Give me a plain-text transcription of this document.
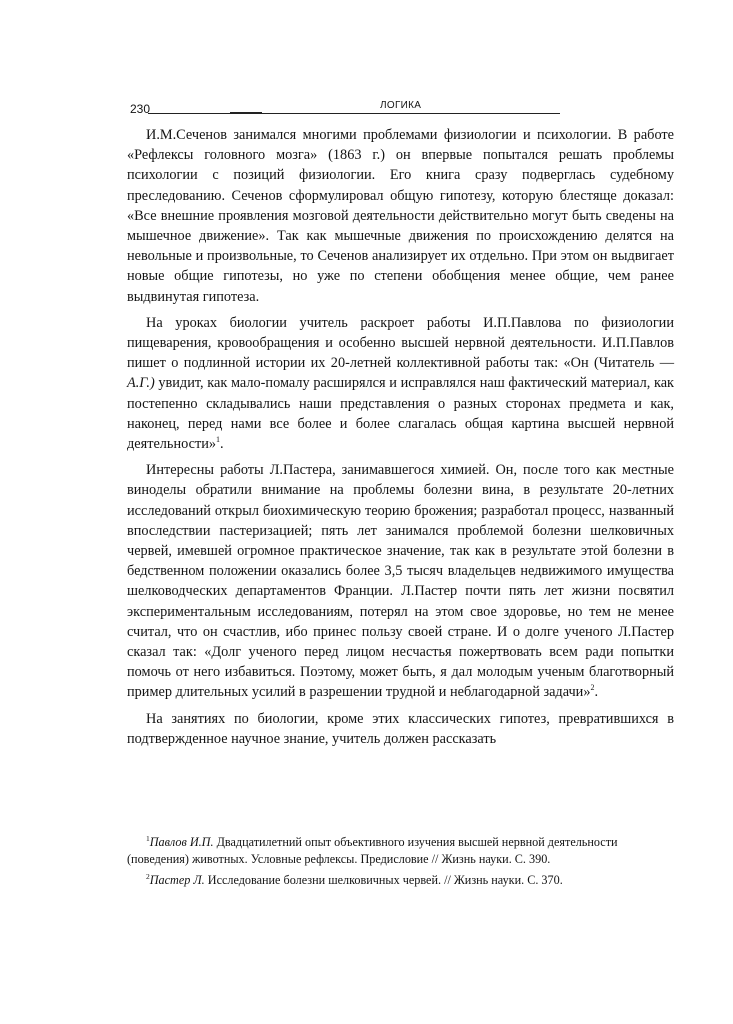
230	ЛОГИКА

И.М.Сеченов занимался многими проблемами физиологии и психологии. В работе «Рефлексы головного мозга» (1863 г.) он впервые попытался решать проблемы психологии с позиций физиологии. Его книга сразу подверглась судебному преследованию. Сеченов сформулировал общую гипотезу, которую блестяще доказал: «Все внешние проявления мозговой деятельности действительно могут быть сведены на мышечное движение». Так как мышечные движения по происхождению делятся на невольные и произвольные, то Сеченов анализирует их отдельно. При этом он выдвигает новые общие гипотезы, но уже по степени обобщения менее общие, чем ранее выдвинутая гипотеза.

На уроках биологии учитель раскроет работы И.П.Павлова по физиологии пищеварения, кровообращения и особенно высшей нервной деятельности. И.П.Павлов пишет о подлинной истории их 20-летней коллективной работы так: «Он (Читатель — А.Г.) увидит, как мало-помалу расширялся и исправлялся наш фактический материал, как постепенно складывались наши представления о разных сторонах предмета и как, наконец, перед нами все более и более слагалась общая картина высшей нервной деятельности»$^1$.

Интересны работы Л.Пастера, занимавшегося химией. Он, после того как местные виноделы обратили внимание на проблемы болезни вина, в результате 20-летних исследований открыл биохимическую теорию брожения; разработал процесс, названный впоследствии пастеризацией; пять лет занимался проблемой болезни шелковичных червей, имевшей огромное практическое значение, так как в результате этой болезни в бедственном положении оказались более 3,5 тысяч владельцев недвижимого имущества шелководческих департаментов Франции. Л.Пастер почти пять лет жизни посвятил экспериментальным исследованиям, потерял на этом свое здоровье, но тем не менее считал, что он счастлив, ибо принес пользу своей стране. И о долге ученого Л.Пастер сказал так: «Долг ученого перед лицом несчастья пожертвовать всем ради попытки помочь от него избавиться. Поэтому, может быть, я дал молодым ученым благотворный пример длительных усилий в разрешении трудной и неблагодарной задачи»$^2$.

На занятиях по биологии, кроме этих классических гипотез, превратившихся в подтвержденное научное знание, учитель должен рассказать

$^1$Павлов И.П. Двадцатилетний опыт объективного изучения высшей нервной деятельности (поведения) животных. Условные рефлексы. Предисловие // Жизнь науки. С. 390.
$^2$Пастер Л. Исследование болезни шелковичных червей. // Жизнь науки. С. 370.
